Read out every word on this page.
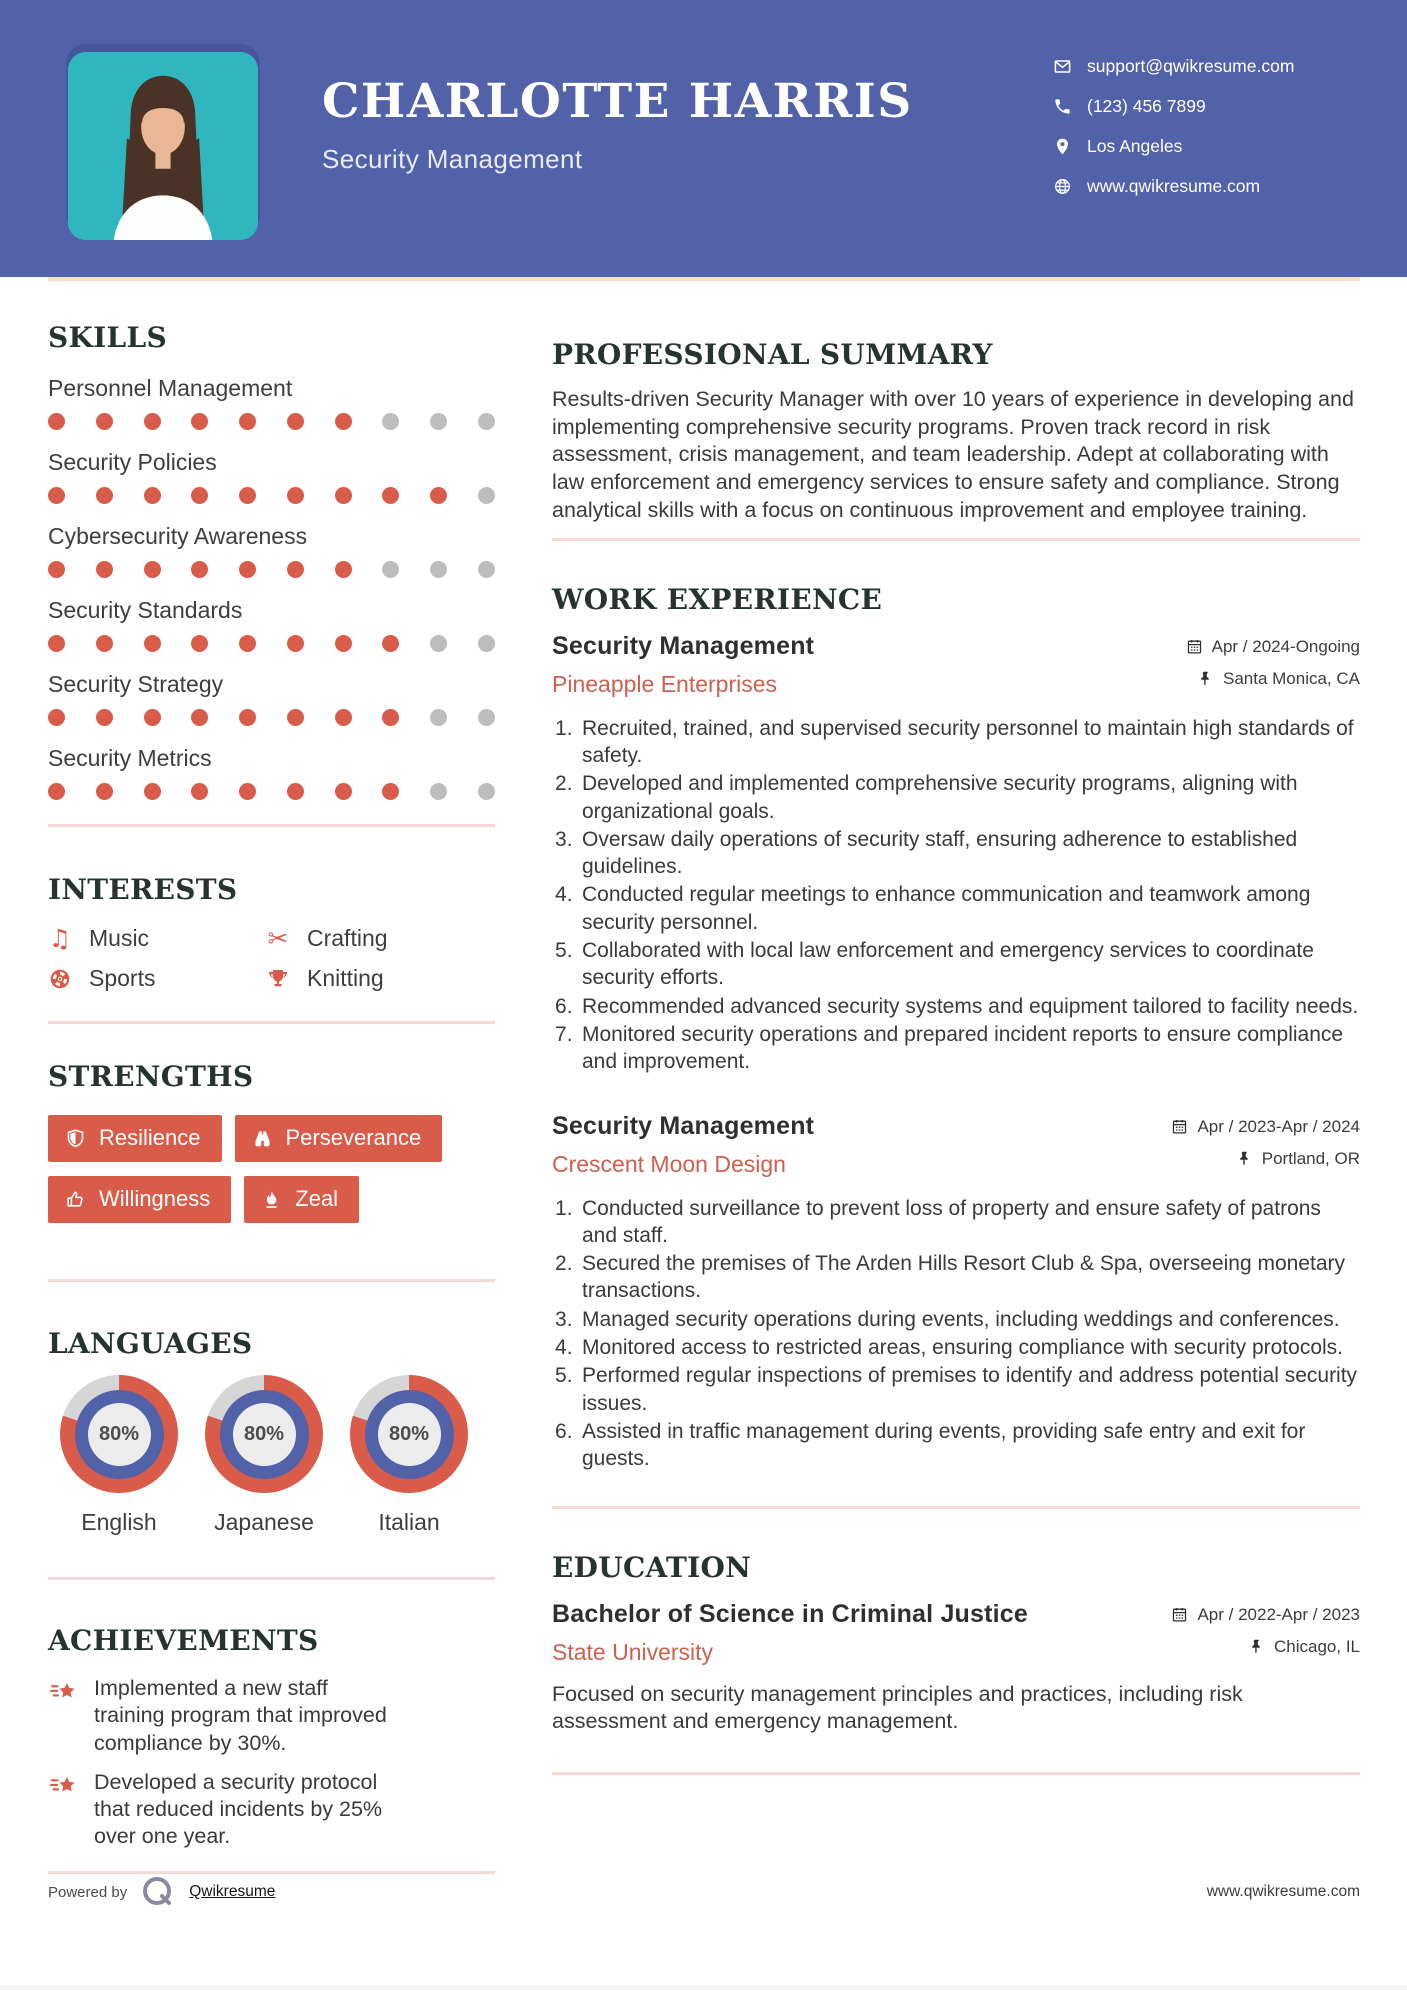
CHARLOTTE HARRIS
Security Management
support@qwikresume.com
(123) 456 7899
Los Angeles
www.qwikresume.com
SKILLS
Personnel Management
Security Policies
Cybersecurity Awareness
Security Standards
Security Strategy
Security Metrics
INTERESTS
♫ Music	✂ Crafting
Sports	Knitting
STRENGTHS
Resilience	Perseverance
Willingness	Zeal
LANGUAGES
80%
English
80%
Japanese
80%
Italian
ACHIEVEMENTS

Implemented a new staff training program that improved compliance by 30%.

Developed a security protocol that reduced incidents by 25% over one year.

PROFESSIONAL SUMMARY

Results-driven Security Manager with over 10 years of experience in developing and implementing comprehensive security programs. Proven track record in risk assessment, crisis management, and team leadership. Adept at collaborating with law enforcement and emergency services to ensure safety and compliance. Strong analytical skills with a focus on continuous improvement and employee training.

WORK EXPERIENCE
Security Management
Pineapple Enterprises
Apr / 2024-Ongoing
Santa Monica, CA
Recruited, trained, and supervised security personnel to maintain high standards of safety.
Developed and implemented comprehensive security programs, aligning with organizational goals.
Oversaw daily operations of security staff, ensuring adherence to established guidelines.
Conducted regular meetings to enhance communication and teamwork among security personnel.
Collaborated with local law enforcement and emergency services to coordinate security efforts.
Recommended advanced security systems and equipment tailored to facility needs.
Monitored security operations and prepared incident reports to ensure compliance and improvement.
Security Management
Crescent Moon Design
Apr / 2023-Apr / 2024
Portland, OR
Conducted surveillance to prevent loss of property and ensure safety of patrons and staff.
Secured the premises of The Arden Hills Resort Club & Spa, overseeing monetary transactions.
Managed security operations during events, including weddings and conferences.
Monitored access to restricted areas, ensuring compliance with security protocols.
Performed regular inspections of premises to identify and address potential security issues.
Assisted in traffic management during events, providing safe entry and exit for guests.
EDUCATION
Bachelor of Science in Criminal Justice
State University
Apr / 2022-Apr / 2023
Chicago, IL

Focused on security management principles and practices, including risk assessment and emergency management.

Powered by	Qwikresume	www.qwikresume.com
